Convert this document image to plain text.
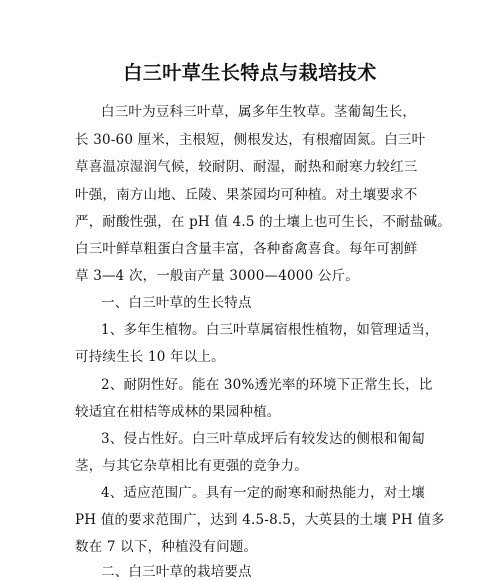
白三叶草生长特点与栽培技术
白三叶为豆科三叶草，属多年生牧草。茎葡匐生长，
长 30-60 厘米，主根短，侧根发达，有根瘤固氮。白三叶
草喜温凉湿润气候，较耐阴、耐湿，耐热和耐寒力较红三
叶强，南方山地、丘陵、果茶园均可种植。对土壤要求不
严，耐酸性强，在 pH 值 4.5 的土壤上也可生长，不耐盐碱。
白三叶鲜草粗蛋白含量丰富，各种畜禽喜食。每年可割鲜
草 3—4 次，一般亩产量 3000—4000 公斤。
一、白三叶草的生长特点
1、多年生植物。白三叶草属宿根性植物，如管理适当，
可持续生长 10 年以上。
2、耐阴性好。能在 30%透光率的环境下正常生长，比
较适宜在柑桔等成林的果园种植。
3、侵占性好。白三叶草成坪后有较发达的侧根和匍匐
茎，与其它杂草相比有更强的竞争力。
4、适应范围广。具有一定的耐寒和耐热能力，对土壤
PH 值的要求范围广，达到 4.5-8.5，大英县的土壤 PH 值多
数在 7 以下，种植没有问题。
二、白三叶草的栽培要点
